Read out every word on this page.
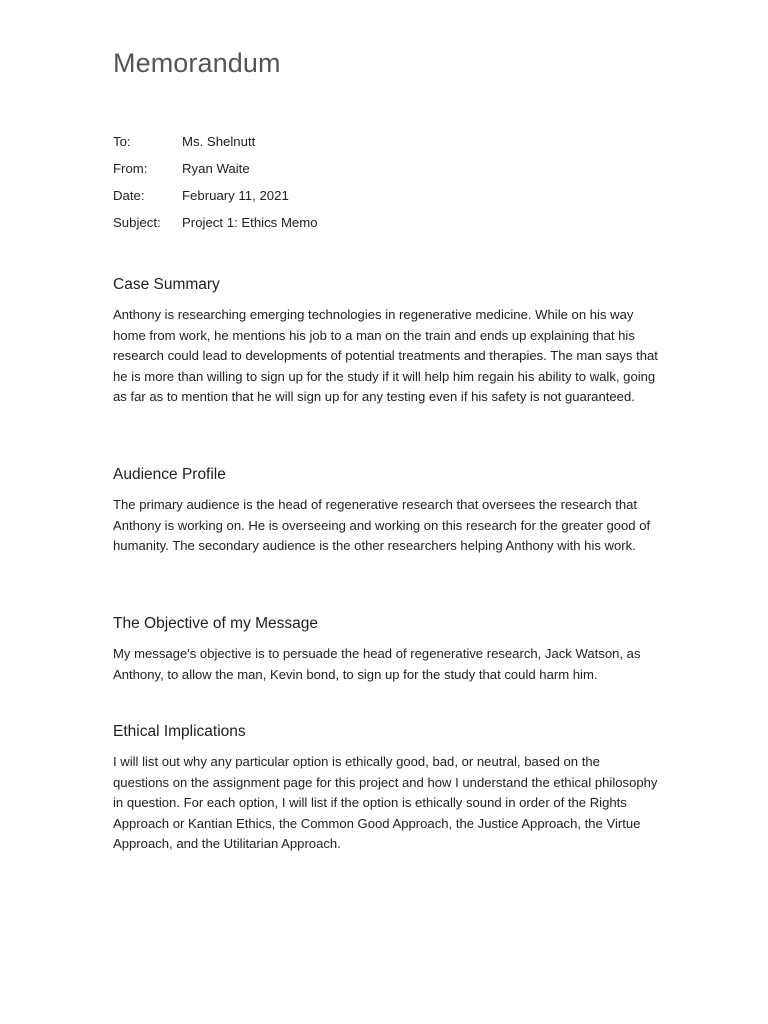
Memorandum
To:	Ms. Shelnutt
From:	Ryan Waite
Date:	February 11, 2021
Subject:	Project 1: Ethics Memo
Case Summary

Anthony is researching emerging technologies in regenerative medicine. While on his way home from work, he mentions his job to a man on the train and ends up explaining that his research could lead to developments of potential treatments and therapies. The man says that he is more than willing to sign up for the study if it will help him regain his ability to walk, going as far as to mention that he will sign up for any testing even if his safety is not guaranteed.

Audience Profile

The primary audience is the head of regenerative research that oversees the research that Anthony is working on. He is overseeing and working on this research for the greater good of humanity. The secondary audience is the other researchers helping Anthony with his work.

The Objective of my Message

My message's objective is to persuade the head of regenerative research, Jack Watson, as Anthony, to allow the man, Kevin bond, to sign up for the study that could harm him.

Ethical Implications

I will list out why any particular option is ethically good, bad, or neutral, based on the questions on the assignment page for this project and how I understand the ethical philosophy in question. For each option, I will list if the option is ethically sound in order of the Rights Approach or Kantian Ethics, the Common Good Approach, the Justice Approach, the Virtue Approach, and the Utilitarian Approach.
